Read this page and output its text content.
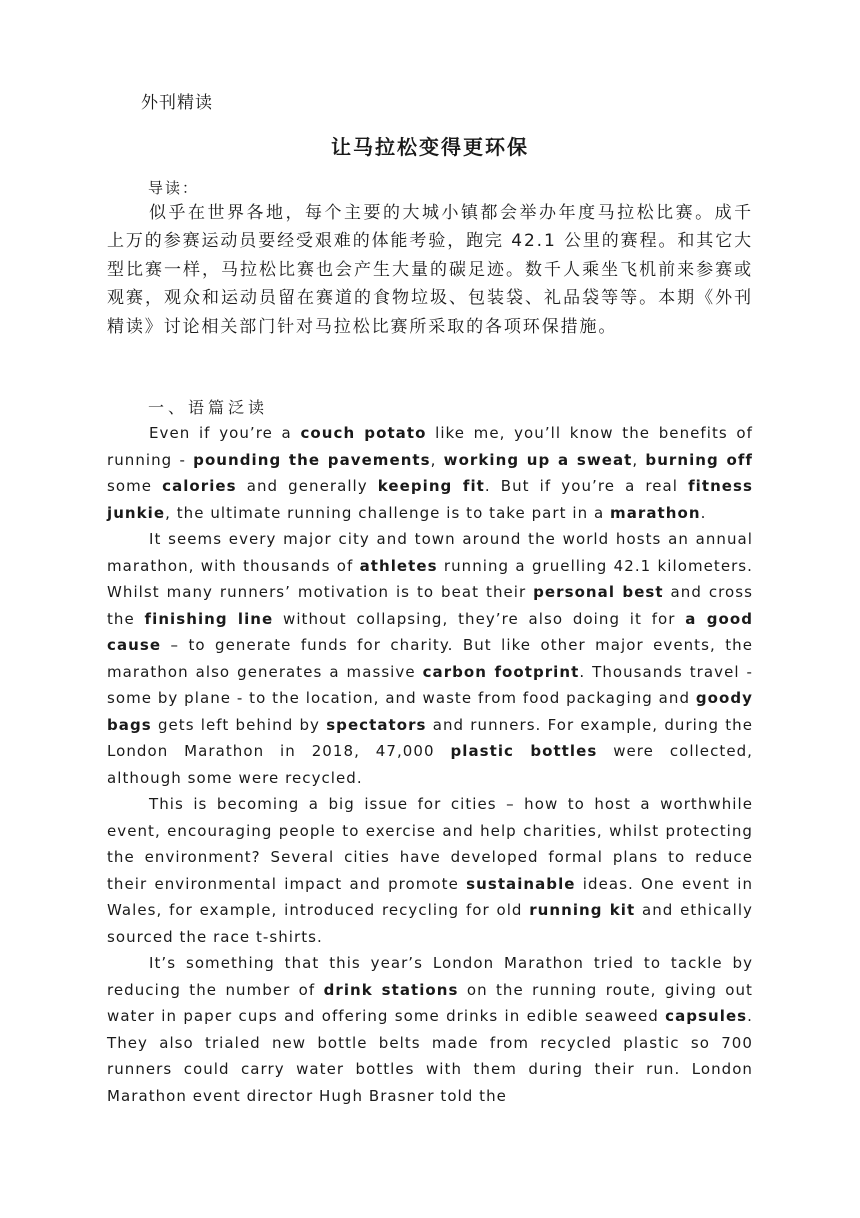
外刊精读
让马拉松变得更环保
导读：

似乎在世界各地，每个主要的大城小镇都会举办年度马拉松比赛。成千上万的参赛运动员要经受艰难的体能考验，跑完 42.1 公里的赛程。和其它大型比赛一样，马拉松比赛也会产生大量的碳足迹。数千人乘坐飞机前来参赛或观赛，观众和运动员留在赛道的食物垃圾、包装袋、礼品袋等等。本期《外刊精读》讨论相关部门针对马拉松比赛所采取的各项环保措施。

一、语篇泛读

Even if you’re a couch potato like me, you’ll know the benefits of running - pounding the pavements, working up a sweat, burning off some calories and generally keeping fit. But if you’re a real fitness junkie, the ultimate running challenge is to take part in a marathon.

It seems every major city and town around the world hosts an annual marathon, with thousands of athletes running a gruelling 42.1 kilometers. Whilst many runners’ motivation is to beat their personal best and cross the finishing line without collapsing, they’re also doing it for a good cause – to generate funds for charity. But like other major events, the marathon also generates a massive carbon footprint. Thousands travel - some by plane - to the location, and waste from food packaging and goody bags gets left behind by spectators and runners. For example, during the London Marathon in 2018, 47,000 plastic bottles were collected, although some were recycled.

This is becoming a big issue for cities – how to host a worthwhile event, encouraging people to exercise and help charities, whilst protecting the environment? Several cities have developed formal plans to reduce their environmental impact and promote sustainable ideas. One event in Wales, for example, introduced recycling for old running kit and ethically sourced the race t-shirts.

It’s something that this year’s London Marathon tried to tackle by reducing the number of drink stations on the running route, giving out water in paper cups and offering some drinks in edible seaweed capsules. They also trialed new bottle belts made from recycled plastic so 700 runners could carry water bottles with them during their run. London Marathon event director Hugh Brasner told the
